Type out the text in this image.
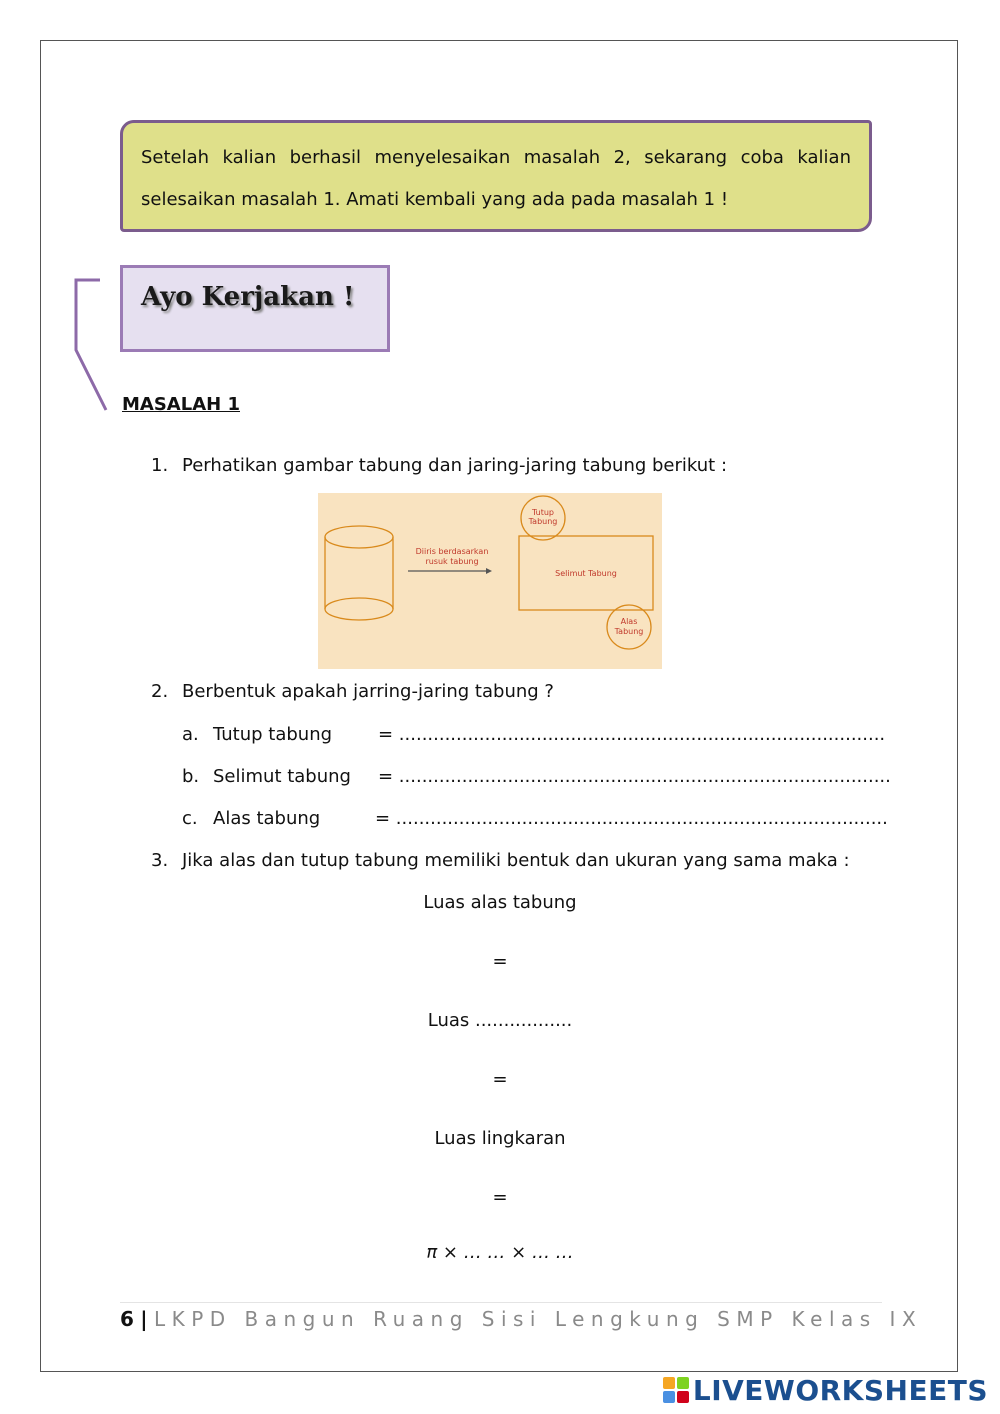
Setelah kalian berhasil menyelesaikan masalah 2, sekarang coba kalian selesaikan masalah 1. Amati kembali yang ada pada masalah 1 !
Ayo Kerjakan !
MASALAH 1
1. Perhatikan gambar tabung dan jaring-jaring tabung berikut :
Diiris berdasarkan
rusuk tabung
Tutup
Tabung
Selimut Tabung
Alas
Tabung
2. Berbentuk apakah jarring-jaring tabung ?
a. Tutup tabung	= .....................................................................................
b. Selimut tabung = ......................................................................................
c. Alas tabung	= ......................................................................................
3. Jika alas dan tutup tabung memiliki bentuk dan ukuran yang sama maka :
Luas alas tabung
=
Luas .................
=
Luas lingkaran
=
π × … … × … …
6 | LKPD Bangun Ruang Sisi Lengkung SMP Kelas IX
LIVEWORKSHEETS
